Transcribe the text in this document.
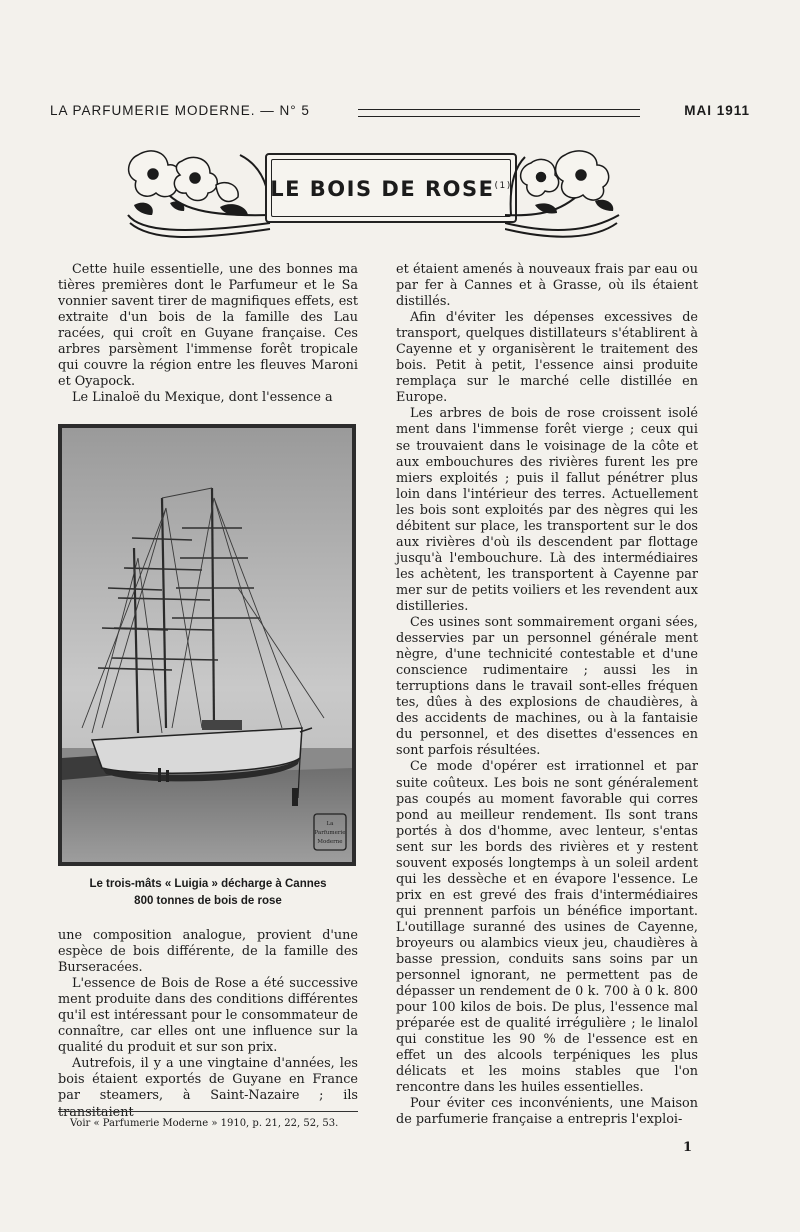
LA PARFUMERIE MODERNE. — N° 5	MAI 1911
LE BOIS DE ROSE$^{(1)}$

Cette huile essentielle, une des bonnes ma tières premières dont le Parfumeur et le Sa vonnier savent tirer de magnifiques effets, est extraite d'un bois de la famille des Lau racées, qui croît en Guyane française. Ces arbres parsèment l'immense forêt tropicale qui couvre la région entre les fleuves Maroni et Oyapock.

Le Linaloë du Mexique, dont l'essence a

La
Parfumerie
Moderne
Le trois-mâts « Luigia » décharge à Cannes
800 tonnes de bois de rose

une composition analogue, provient d'une espèce de bois différente, de la famille des Burseracées.

L'essence de Bois de Rose a été successive ment produite dans des conditions différentes qu'il est intéressant pour le consommateur de connaître, car elles ont une influence sur la qualité du produit et sur son prix.

Autrefois, il y a une vingtaine d'années, les bois étaient exportés de Guyane en France par steamers, à Saint-Nazaire ; ils transitaient

Voir « Parfumerie Moderne » 1910, p. 21, 22, 52, 53.

et étaient amenés à nouveaux frais par eau ou par fer à Cannes et à Grasse, où ils étaient distillés.

Afin d'éviter les dépenses excessives de transport, quelques distillateurs s'établirent à Cayenne et y organisèrent le traitement des bois. Petit à petit, l'essence ainsi produite remplaça sur le marché celle distillée en Europe.

Les arbres de bois de rose croissent isolé ment dans l'immense forêt vierge ; ceux qui se trouvaient dans le voisinage de la côte et aux embouchures des rivières furent les pre miers exploités ; puis il fallut pénétrer plus loin dans l'intérieur des terres. Actuellement les bois sont exploités par des nègres qui les débitent sur place, les transportent sur le dos aux rivières d'où ils descendent par flottage jusqu'à l'embouchure. Là des intermédiaires les achètent, les transportent à Cayenne par mer sur de petits voiliers et les revendent aux distilleries.

Ces usines sont sommairement organi sées, desservies par un personnel générale ment nègre, d'une technicité contestable et d'une conscience rudimentaire ; aussi les in terruptions dans le travail sont-elles fréquen tes, dûes à des explosions de chaudières, à des accidents de machines, ou à la fantaisie du personnel, et des disettes d'essences en sont parfois résultées.

Ce mode d'opérer est irrationnel et par suite coûteux. Les bois ne sont généralement pas coupés au moment favorable qui corres pond au meilleur rendement. Ils sont trans portés à dos d'homme, avec lenteur, s'entas sent sur les bords des rivières et y restent souvent exposés longtemps à un soleil ardent qui les dessèche et en évapore l'essence. Le prix en est grevé des frais d'intermédiaires qui prennent parfois un bénéfice important. L'outillage suranné des usines de Cayenne, broyeurs ou alambics vieux jeu, chaudières à basse pression, conduits sans soins par un personnel ignorant, ne permettent pas de dépasser un rendement de 0 k. 700 à 0 k. 800 pour 100 kilos de bois. De plus, l'essence mal préparée est de qualité irrégulière ; le linalol qui constitue les 90 % de l'essence est en effet un des alcools terpéniques les plus délicats et les moins stables que l'on rencontre dans les huiles essentielles.

Pour éviter ces inconvénients, une Maison de parfumerie française a entrepris l'exploi-

1
